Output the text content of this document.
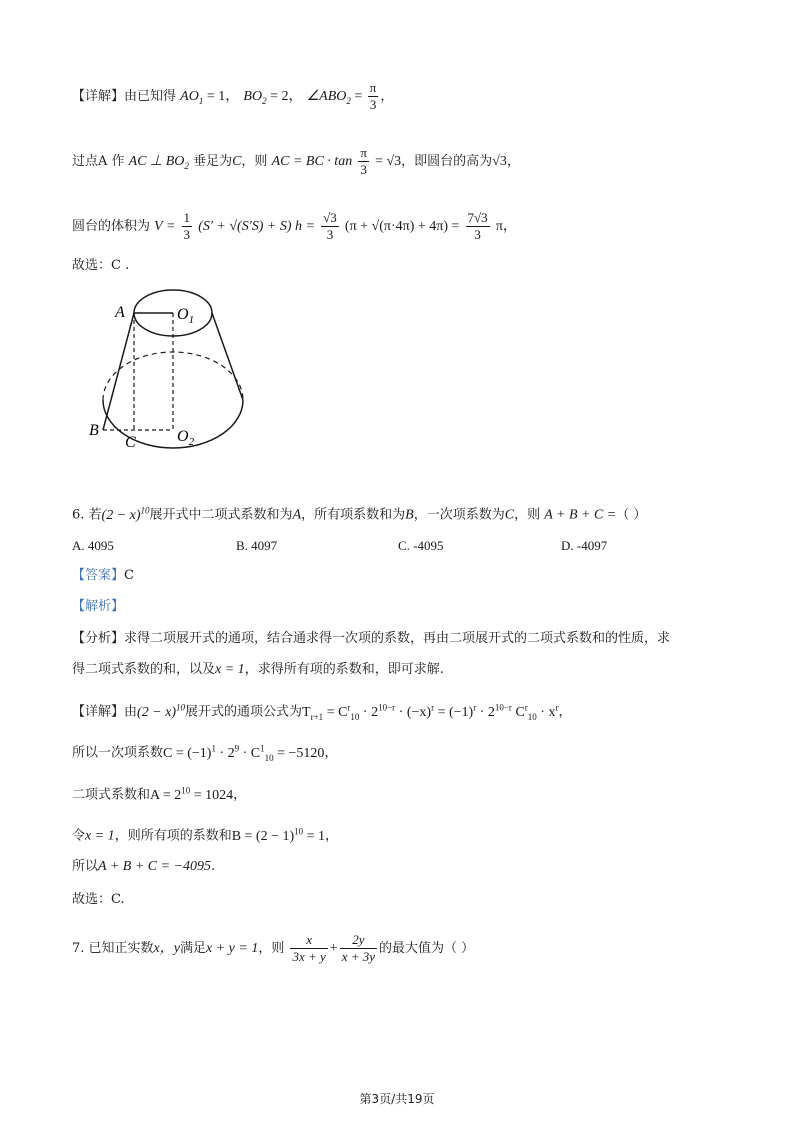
【详解】由已知得 $AO_1 = 1$， $BO_2 = 2$， $\angle ABO_2 = \frac{\pi}{3}$ ，
过点A 作 AC ⊥ $BO_2$ 垂足为C，则 AC = BC · $\tan \frac{\pi}{3} = √3$，即圆台的高为√3，
圆台的体积为 $V = \frac{1}{3} (S' + √(S'S) + S) h = \frac{√3}{3} (\pi + √(\pi\cdot 4\pi) + 4\pi) = \frac{7√3}{3}$ π，
故选：C .
A	$O_1$
B
C	$O_2$
6. 若$(2 - x)^{10}$展开式中二项式系数和为A，所有项系数和为B，一次项系数为C，则 A + B + C =（ ）
A. 4095	B. 4097	C. -4095	D. -4097
【答案】C
【解析】
【分析】求得二项展开式的通项，结合通求得一次项的系数，再由二项展开式的二项式系数和的性质，求
得二项式系数的和，以及x = 1，求得所有项的系数和，即可求解.
【详解】由$(2 - x)^{10}$展开式的通项公式为$T_{r+1} = C^r_{10} \cdot 2^{10-r} \cdot (-x)^r = (-1)^r \cdot 2^{10-r}$ $C^r_{10} \cdot x^r$，
所以一次项系数$C = (-1)^1 \cdot 2^9 \cdot C^1_{10} = -5120$，
二项式系数和$A = 2^{10} = 1024$，
令x = 1，则所有项的系数和$B = (2 - 1)^{10} = 1$，
所以A + B + C = −4095.
故选：C.
7. 已知正实数x，y满足x + y = 1，则 $\frac{x}{3x + y} + \frac{2y}{x + 3y}$ 的最大值为（ ）
第3页/共19页
